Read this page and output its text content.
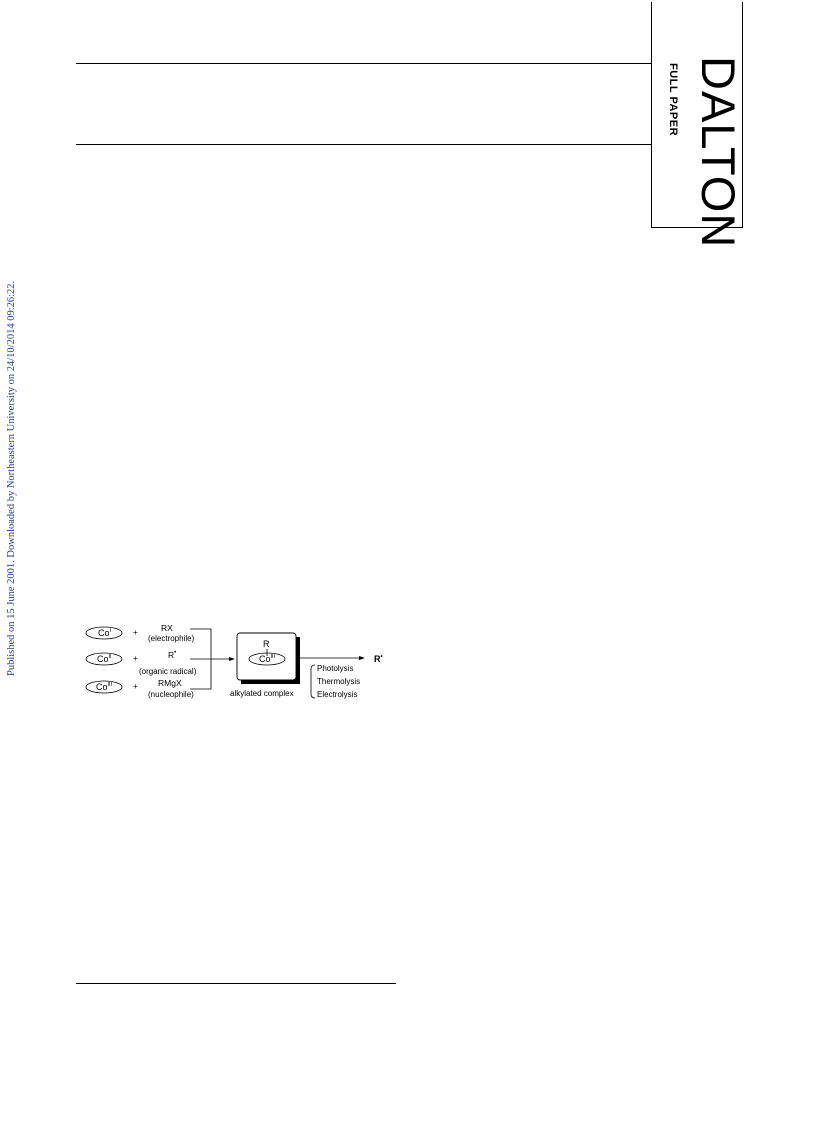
DALTON
FULL PAPER
Published on 15 June 2001. Downloaded by Northeastern University on 24/10/2014 09:26:22.	$Co^I$
$Co^{II}$
$Co^{III}$
+
+
+
RX
(electrophile)
R•
(organic radical)
RMgX
(nucleophile)
R
$Co^{III}$
alkylated complex
R•
Photolysis
Thermolysis
Electrolysis
